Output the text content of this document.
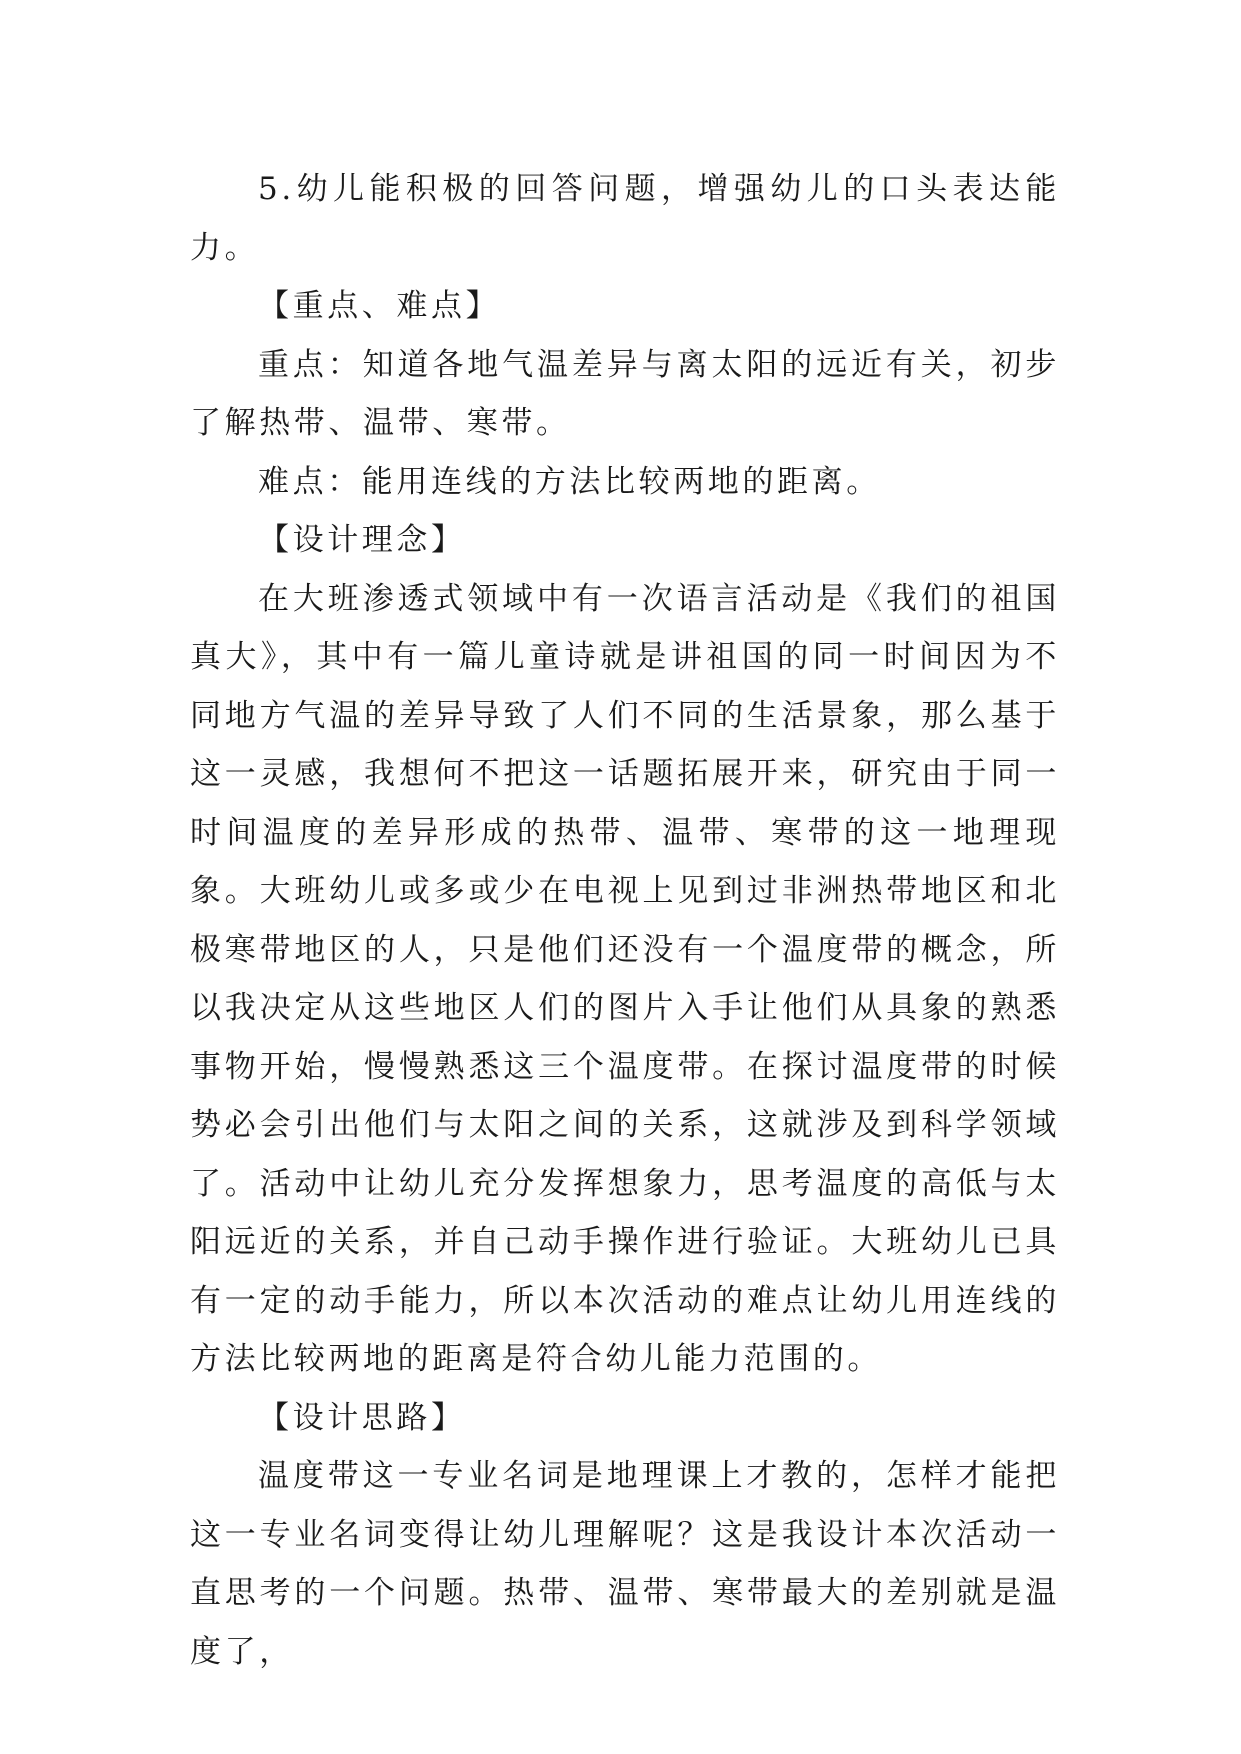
5.幼儿能积极的回答问题，增强幼儿的口头表达能力。

【重点、难点】

重点：知道各地气温差异与离太阳的远近有关，初步了解热带、温带、寒带。

难点：能用连线的方法比较两地的距离。

【设计理念】

在大班渗透式领域中有一次语言活动是《我们的祖国真大》，其中有一篇儿童诗就是讲祖国的同一时间因为不同地方气温的差异导致了人们不同的生活景象，那么基于这一灵感，我想何不把这一话题拓展开来，研究由于同一时间温度的差异形成的热带、温带、寒带的这一地理现象。大班幼儿或多或少在电视上见到过非洲热带地区和北极寒带地区的人，只是他们还没有一个温度带的概念，所以我决定从这些地区人们的图片入手让他们从具象的熟悉事物开始，慢慢熟悉这三个温度带。在探讨温度带的时候势必会引出他们与太阳之间的关系，这就涉及到科学领域了。活动中让幼儿充分发挥想象力，思考温度的高低与太阳远近的关系，并自己动手操作进行验证。大班幼儿已具有一定的动手能力，所以本次活动的难点让幼儿用连线的方法比较两地的距离是符合幼儿能力范围的。

【设计思路】

温度带这一专业名词是地理课上才教的，怎样才能把这一专业名词变得让幼儿理解呢？这是我设计本次活动一直思考的一个问题。热带、温带、寒带最大的差别就是温度了，
